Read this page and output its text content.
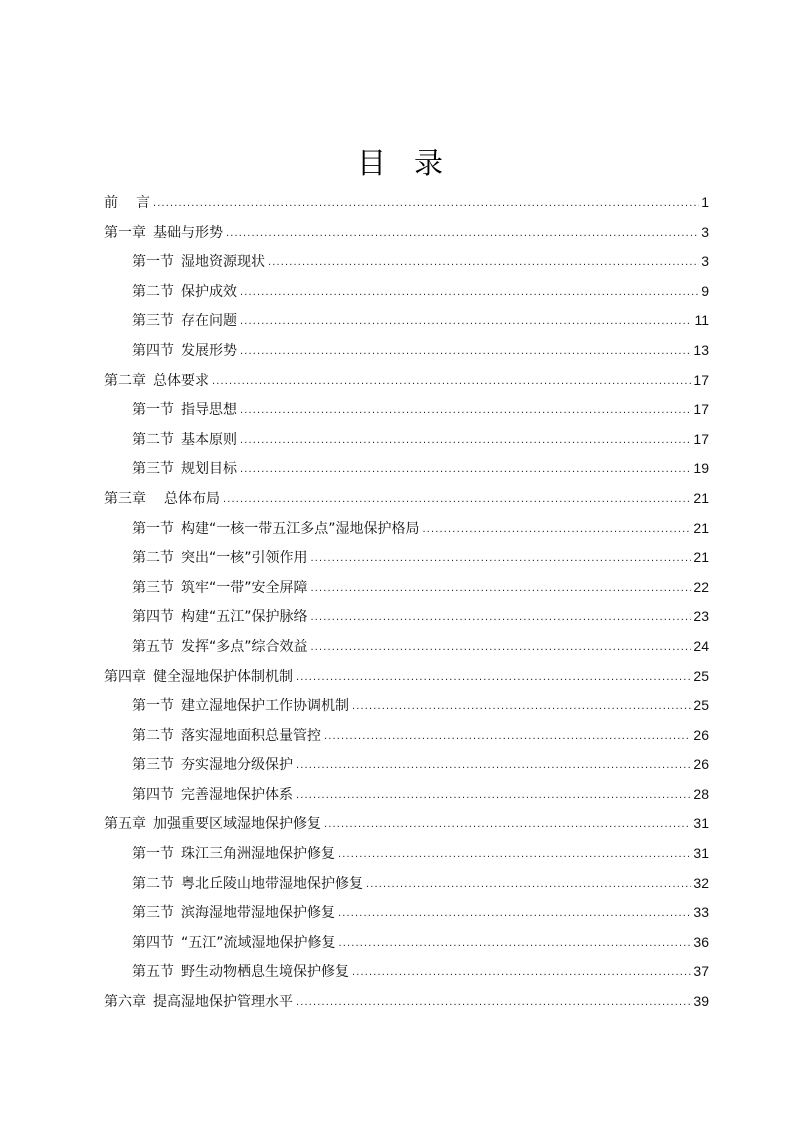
目录
前 言 .....	1
第一章 基础与形势 .....	3
第一节 湿地资源现状 .....	3
第二节 保护成效 .....	9
第三节 存在问题 .....	11
第四节 发展形势 .....	13
第二章 总体要求 .....	17
第一节 指导思想 .....	17
第二节 基本原则 .....	17
第三节 规划目标 .....	19
第三章 总体布局 .....	21
第一节 构建“一核一带五江多点”湿地保护格局 .....	21
第二节 突出“一核”引领作用 .....	21
第三节 筑牢“一带”安全屏障 .....	22
第四节 构建“五江”保护脉络 .....	23
第五节 发挥“多点”综合效益 .....	24
第四章 健全湿地保护体制机制 .....	25
第一节 建立湿地保护工作协调机制 .....	25
第二节 落实湿地面积总量管控 .....	26
第三节 夯实湿地分级保护 .....	26
第四节 完善湿地保护体系 .....	28
第五章 加强重要区域湿地保护修复 .....	31
第一节 珠江三角洲湿地保护修复 .....	31
第二节 粤北丘陵山地带湿地保护修复 .....	32
第三节 滨海湿地带湿地保护修复 .....	33
第四节 “五江”流域湿地保护修复 .....	36
第五节 野生动物栖息生境保护修复 .....	37
第六章 提高湿地保护管理水平 .....	39
